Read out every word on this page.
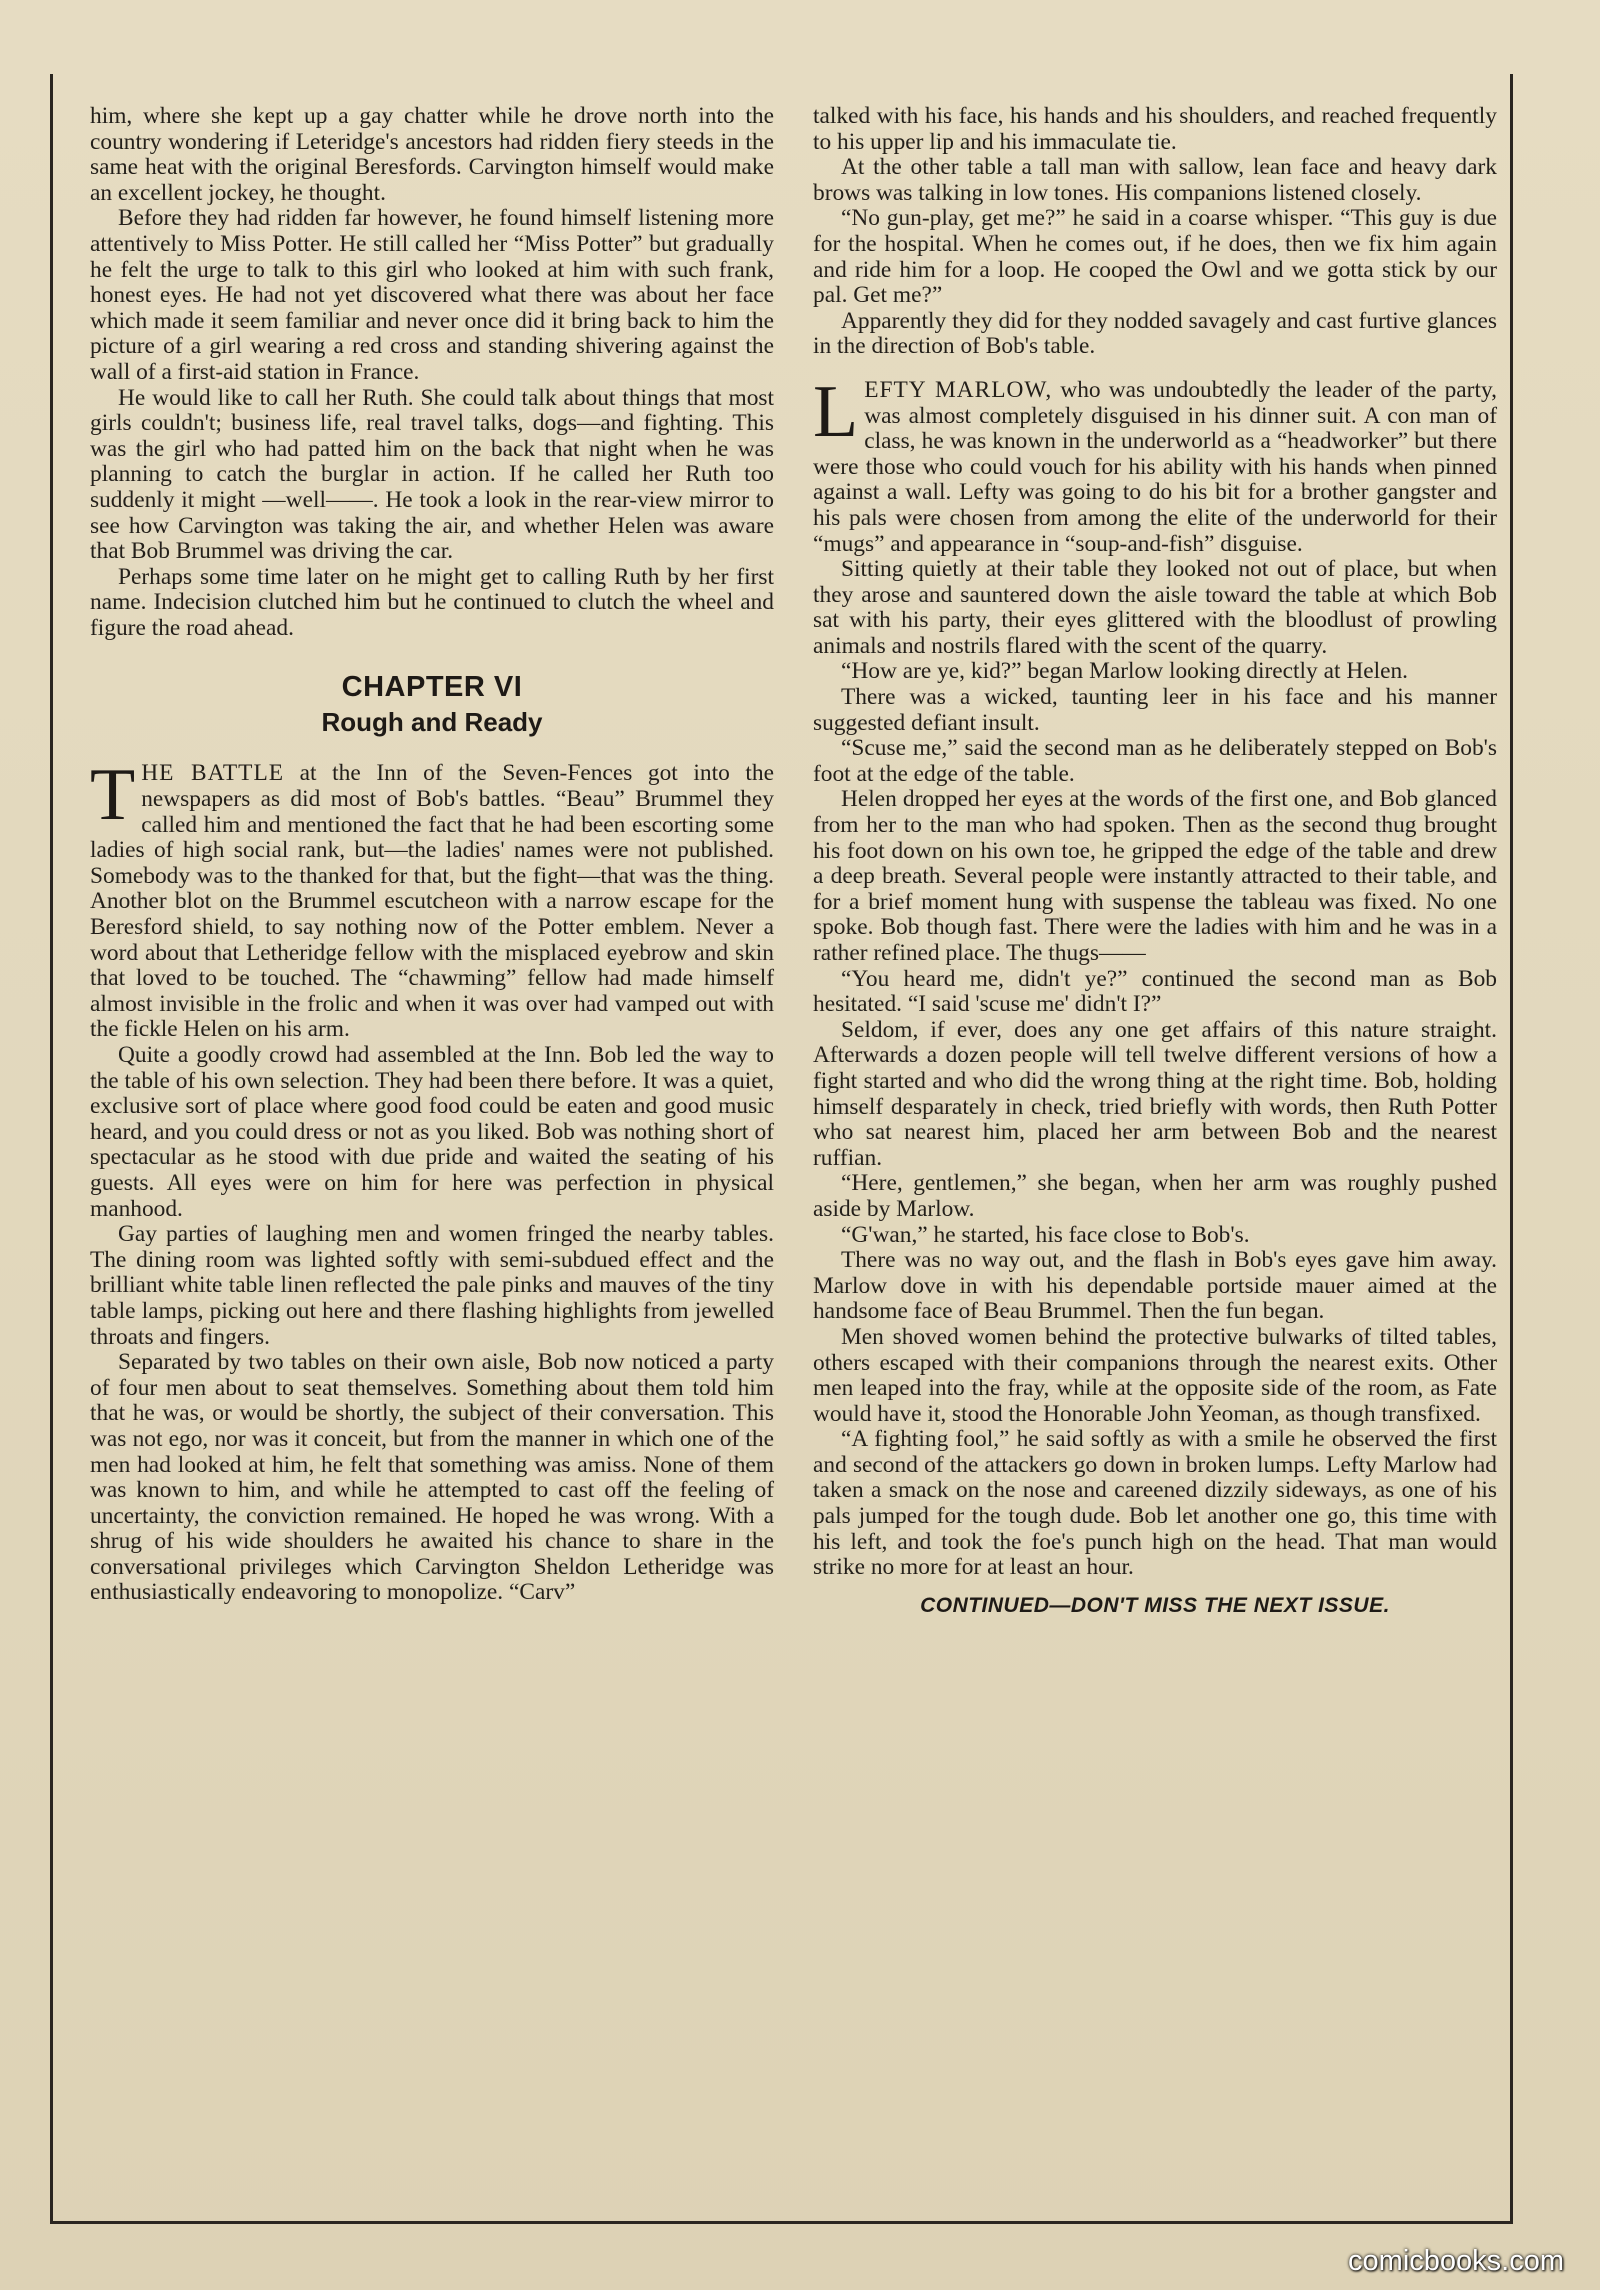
him, where she kept up a gay chatter while he drove north into the country wondering if Leteridge's ancestors had ridden fiery steeds in the same heat with the original Beresfords. Carvington himself would make an excellent jockey, he thought.

Before they had ridden far however, he found himself listening more attentively to Miss Potter. He still called her “Miss Potter” but gradually he felt the urge to talk to this girl who looked at him with such frank, honest eyes. He had not yet discovered what there was about her face which made it seem familiar and never once did it bring back to him the picture of a girl wearing a red cross and standing shivering against the wall of a first-aid station in France.

He would like to call her Ruth. She could talk about things that most girls couldn't; business life, real travel talks, dogs—and fighting. This was the girl who had patted him on the back that night when he was planning to catch the burglar in action. If he called her Ruth too suddenly it might —well——. He took a look in the rear-view mirror to see how Carvington was taking the air, and whether Helen was aware that Bob Brummel was driving the car.

Perhaps some time later on he might get to calling Ruth by her first name. Indecision clutched him but he continued to clutch the wheel and figure the road ahead.

CHAPTER VI
Rough and Ready

THE BATTLE at the Inn of the Seven-Fences got into the newspapers as did most of Bob's battles. “Beau” Brummel they called him and mentioned the fact that he had been escorting some ladies of high social rank, but—the ladies' names were not published. Somebody was to the thanked for that, but the fight—that was the thing. Another blot on the Brummel escutcheon with a narrow escape for the Beresford shield, to say nothing now of the Potter emblem. Never a word about that Letheridge fellow with the misplaced eyebrow and skin that loved to be touched. The “chawming” fellow had made himself almost invisible in the frolic and when it was over had vamped out with the fickle Helen on his arm.

Quite a goodly crowd had assembled at the Inn. Bob led the way to the table of his own selection. They had been there before. It was a quiet, exclusive sort of place where good food could be eaten and good music heard, and you could dress or not as you liked. Bob was nothing short of spectacular as he stood with due pride and waited the seating of his guests. All eyes were on him for here was perfection in physical manhood.

Gay parties of laughing men and women fringed the nearby tables. The dining room was lighted softly with semi-subdued effect and the brilliant white table linen reflected the pale pinks and mauves of the tiny table lamps, picking out here and there flashing highlights from jewelled throats and fingers.

Separated by two tables on their own aisle, Bob now noticed a party of four men about to seat themselves. Something about them told him that he was, or would be shortly, the subject of their conversation. This was not ego, nor was it conceit, but from the manner in which one of the men had looked at him, he felt that something was amiss. None of them was known to him, and while he attempted to cast off the feeling of uncertainty, the conviction remained. He hoped he was wrong. With a shrug of his wide shoulders he awaited his chance to share in the conversational privileges which Carvington Sheldon Letheridge was enthusiastically endeavoring to monopolize. “Carv”

talked with his face, his hands and his shoulders, and reached frequently to his upper lip and his immaculate tie.

At the other table a tall man with sallow, lean face and heavy dark brows was talking in low tones. His companions listened closely.

“No gun-play, get me?” he said in a coarse whisper. “This guy is due for the hospital. When he comes out, if he does, then we fix him again and ride him for a loop. He cooped the Owl and we gotta stick by our pal. Get me?”

Apparently they did for they nodded savagely and cast furtive glances in the direction of Bob's table.

LEFTY MARLOW, who was undoubtedly the leader of the party, was almost completely disguised in his dinner suit. A con man of class, he was known in the underworld as a “headworker” but there were those who could vouch for his ability with his hands when pinned against a wall. Lefty was going to do his bit for a brother gangster and his pals were chosen from among the elite of the underworld for their “mugs” and appearance in “soup-and-fish” disguise.

Sitting quietly at their table they looked not out of place, but when they arose and sauntered down the aisle toward the table at which Bob sat with his party, their eyes glittered with the bloodlust of prowling animals and nostrils flared with the scent of the quarry.

“How are ye, kid?” began Marlow looking directly at Helen.

There was a wicked, taunting leer in his face and his manner suggested defiant insult.

“Scuse me,” said the second man as he deliberately stepped on Bob's foot at the edge of the table.

Helen dropped her eyes at the words of the first one, and Bob glanced from her to the man who had spoken. Then as the second thug brought his foot down on his own toe, he gripped the edge of the table and drew a deep breath. Several people were instantly attracted to their table, and for a brief moment hung with suspense the tableau was fixed. No one spoke. Bob though fast. There were the ladies with him and he was in a rather refined place. The thugs——

“You heard me, didn't ye?” continued the second man as Bob hesitated. “I said 'scuse me' didn't I?”

Seldom, if ever, does any one get affairs of this nature straight. Afterwards a dozen people will tell twelve different versions of how a fight started and who did the wrong thing at the right time. Bob, holding himself desparately in check, tried briefly with words, then Ruth Potter who sat nearest him, placed her arm between Bob and the nearest ruffian.

“Here, gentlemen,” she began, when her arm was roughly pushed aside by Marlow.

“G'wan,” he started, his face close to Bob's.

There was no way out, and the flash in Bob's eyes gave him away. Marlow dove in with his dependable portside mauer aimed at the handsome face of Beau Brummel. Then the fun began.

Men shoved women behind the protective bulwarks of tilted tables, others escaped with their companions through the nearest exits. Other men leaped into the fray, while at the opposite side of the room, as Fate would have it, stood the Honorable John Yeoman, as though transfixed.

“A fighting fool,” he said softly as with a smile he observed the first and second of the attackers go down in broken lumps. Lefty Marlow had taken a smack on the nose and careened dizzily sideways, as one of his pals jumped for the tough dude. Bob let another one go, this time with his left, and took the foe's punch high on the head. That man would strike no more for at least an hour.

CONTINUED—DON'T MISS THE NEXT ISSUE.
comicbooks.com
